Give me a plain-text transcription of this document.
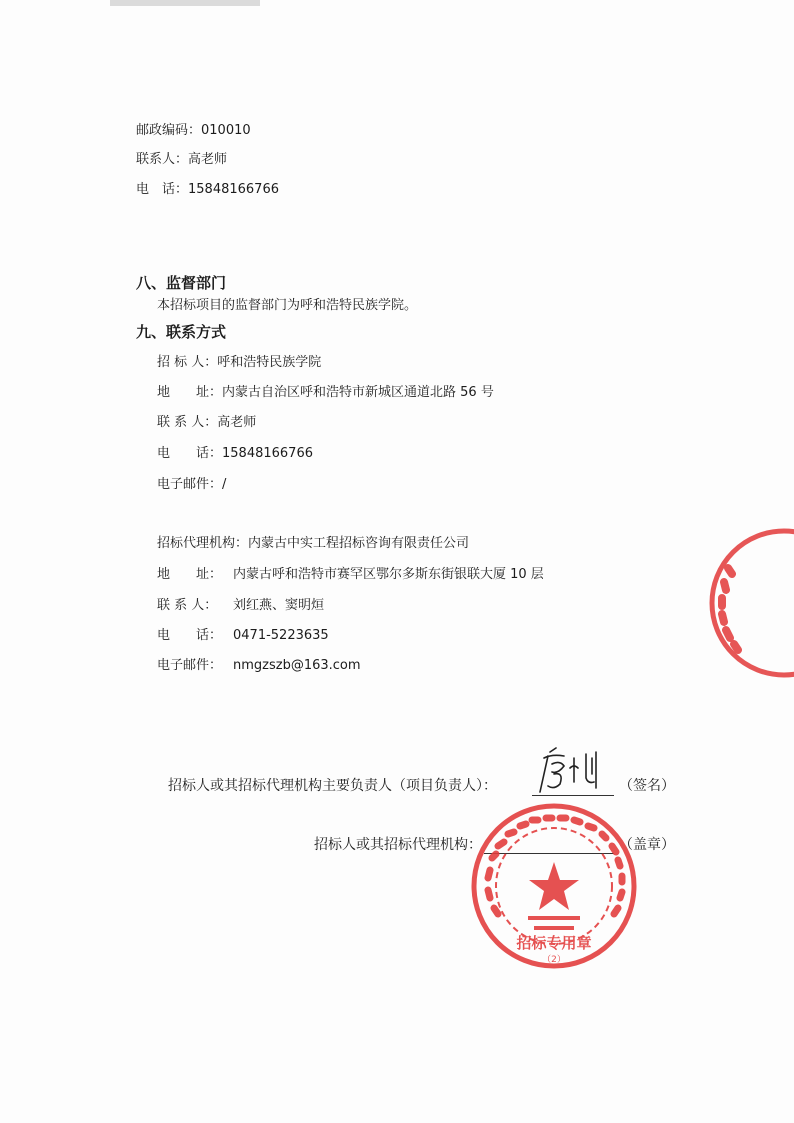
邮政编码：010010
联系人：高老师
电　话：15848166766
八、监督部门
本招标项目的监督部门为呼和浩特民族学院。
九、联系方式
招 标 人：呼和浩特民族学院
地　　址：内蒙古自治区呼和浩特市新城区通道北路 56 号
联 系 人：高老师
电　　话：15848166766
电子邮件：/
招标代理机构：内蒙古中实工程招标咨询有限责任公司
地　　址： 内蒙古呼和浩特市赛罕区鄂尔多斯东街银联大厦 10 层
联 系 人： 刘红燕、窦明烜
电　　话： 0471-5223635
电子邮件： nmgzszb@163.com
招标人或其招标代理机构主要负责人（项目负责人）：	（签名）
招标人或其招标代理机构：	（盖章）
招标专用章
（2）
